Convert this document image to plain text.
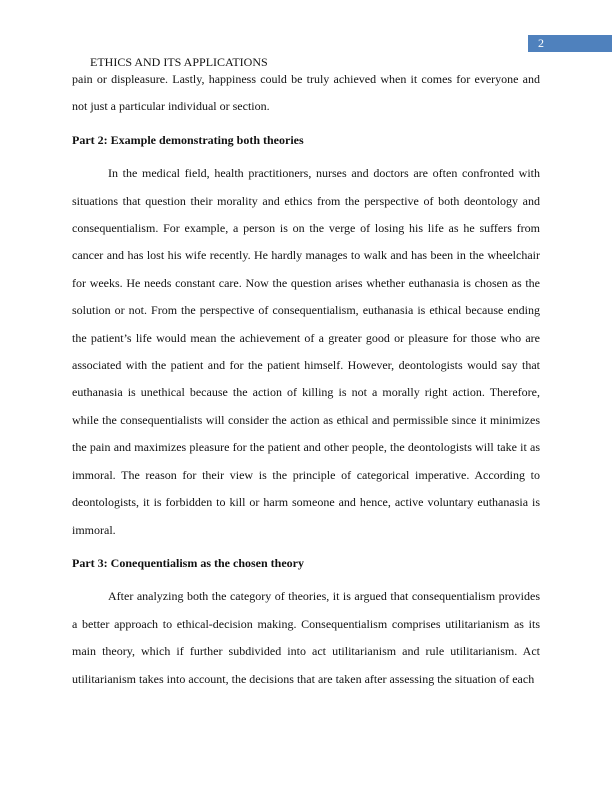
2
ETHICS AND ITS APPLICATIONS

pain or displeasure. Lastly, happiness could be truly achieved when it comes for everyone and not just a particular individual or section.

Part 2: Example demonstrating both theories

In the medical field, health practitioners, nurses and doctors are often confronted with situations that question their morality and ethics from the perspective of both deontology and consequentialism. For example, a person is on the verge of losing his life as he suffers from cancer and has lost his wife recently. He hardly manages to walk and has been in the wheelchair for weeks. He needs constant care. Now the question arises whether euthanasia is chosen as the solution or not. From the perspective of consequentialism, euthanasia is ethical because ending the patient’s life would mean the achievement of a greater good or pleasure for those who are associated with the patient and for the patient himself. However, deontologists would say that euthanasia is unethical because the action of killing is not a morally right action. Therefore, while the consequentialists will consider the action as ethical and permissible since it minimizes the pain and maximizes pleasure for the patient and other people, the deontologists will take it as immoral. The reason for their view is the principle of categorical imperative. According to deontologists, it is forbidden to kill or harm someone and hence, active voluntary euthanasia is immoral.

Part 3: Conequentialism as the chosen theory

After analyzing both the category of theories, it is argued that consequentialism provides a better approach to ethical-decision making. Consequentialism comprises utilitarianism as its main theory, which if further subdivided into act utilitarianism and rule utilitarianism. Act utilitarianism takes into account, the decisions that are taken after assessing the situation of each
